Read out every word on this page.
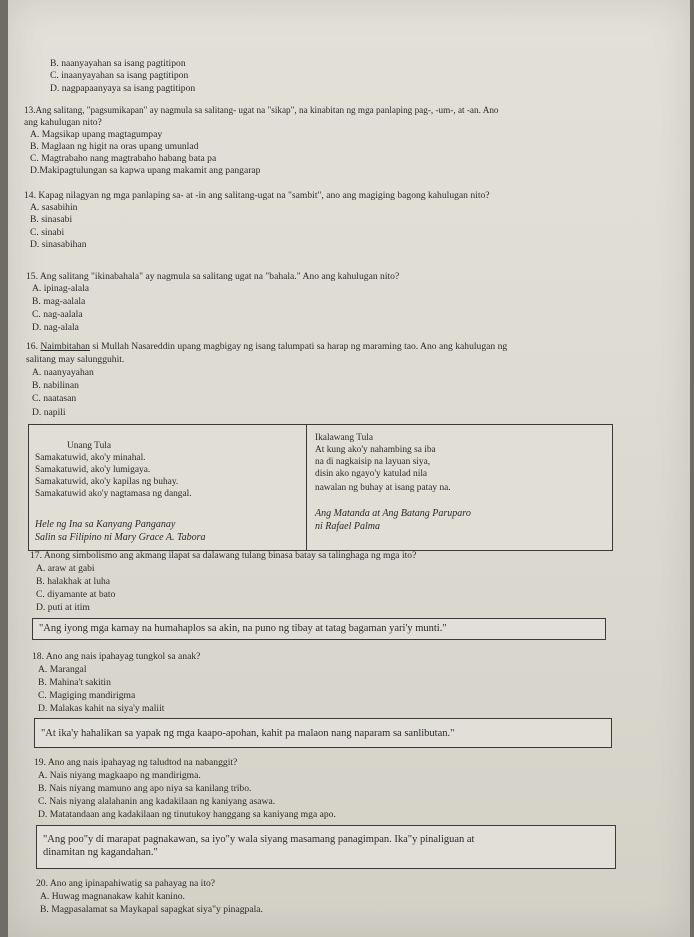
B. naanyayahan sa isang pagtitipon
C. inaanyayahan sa isang pagtitipon
D. nagpapaanyaya sa isang pagtitipon
13.Ang salitang, "pagsumikapan" ay nagmula sa salitang- ugat na "sikap", na kinabitan ng mga panlaping pag-, -um-, at -an. Ano
ang kahulugan nito?
A. Magsikap upang magtagumpay
B. Maglaan ng higit na oras upang umunlad
C. Magtrabaho nang magtrabaho habang bata pa
D.Makipagtulungan sa kapwa upang makamit ang pangarap
14. Kapag nilagyan ng mga panlaping sa- at -in ang salitang-ugat na "sambit", ano ang magiging bagong kahulugan nito?
A. sasabihin
B. sinasabi
C. sinabi
D. sinasabihan
15. Ang salitang "ikinabahala" ay nagmula sa salitang ugat na "bahala." Ano ang kahulugan nito?
A. ipinag-alala
B. mag-aalala
C. nag-aalala
D. nag-alala
16. Naimbitahan si Mullah Nasareddin upang magbigay ng isang talumpati sa harap ng maraming tao. Ano ang kahulugan ng
salitang may salungguhit.
A. naanyayahan
B. nabilinan
C. naatasan
D. napili
Unang Tula
Samakatuwid, ako'y minahal.
Samakatuwid, ako'y lumigaya.
Samakatuwid, ako'y kapilas ng buhay.
Samakatuwid ako'y nagtamasa ng dangal.
Hele ng Ina sa Kanyang Panganay
Salin sa Filipino ni Mary Grace A. Tabora
Ikalawang Tula
At kung ako'y nahambing sa iba
na di nagkaisip na layuan siya,
disin ako ngayo'y katulad nila
nawalan ng buhay at isang patay na.
Ang Matanda at Ang Batang Paruparo
ni Rafael Palma
17. Anong simbolismo ang akmang ilapat sa dalawang tulang binasa batay sa talinghaga ng mga ito?
A. araw at gabi
B. halakhak at luha
C. diyamante at bato
D. puti at itim
"Ang iyong mga kamay na humahaplos sa akin, na puno ng tibay at tatag bagaman yari'y munti."
18. Ano ang nais ipahayag tungkol sa anak?
A. Marangal
B. Mahina't sakitin
C. Magiging mandirigma
D. Malakas kahit na siya'y maliit
"At ika'y hahalikan sa yapak ng mga kaapo-apohan, kahit pa malaon nang naparam sa sanlibutan."
19. Ano ang nais ipahayag ng taludtod na nabanggit?
A. Nais niyang magkaapo ng mandirigma.
B. Nais niyang mamuno ang apo niya sa kanilang tribo.
C. Nais niyang alalahanin ang kadakilaan ng kaniyang asawa.
D. Matatandaan ang kadakilaan ng tinutukoy hanggang sa kaniyang mga apo.
"Ang poo"y di marapat pagnakawan, sa iyo"y wala siyang masamang panagimpan. Ika"y pinaliguan at
dinamitan ng kagandahan."
20. Ano ang ipinapahiwatig sa pahayag na ito?
A. Huwag magnanakaw kahit kanino.
B. Magpasalamat sa Maykapal sapagkat siya"y pinagpala.
